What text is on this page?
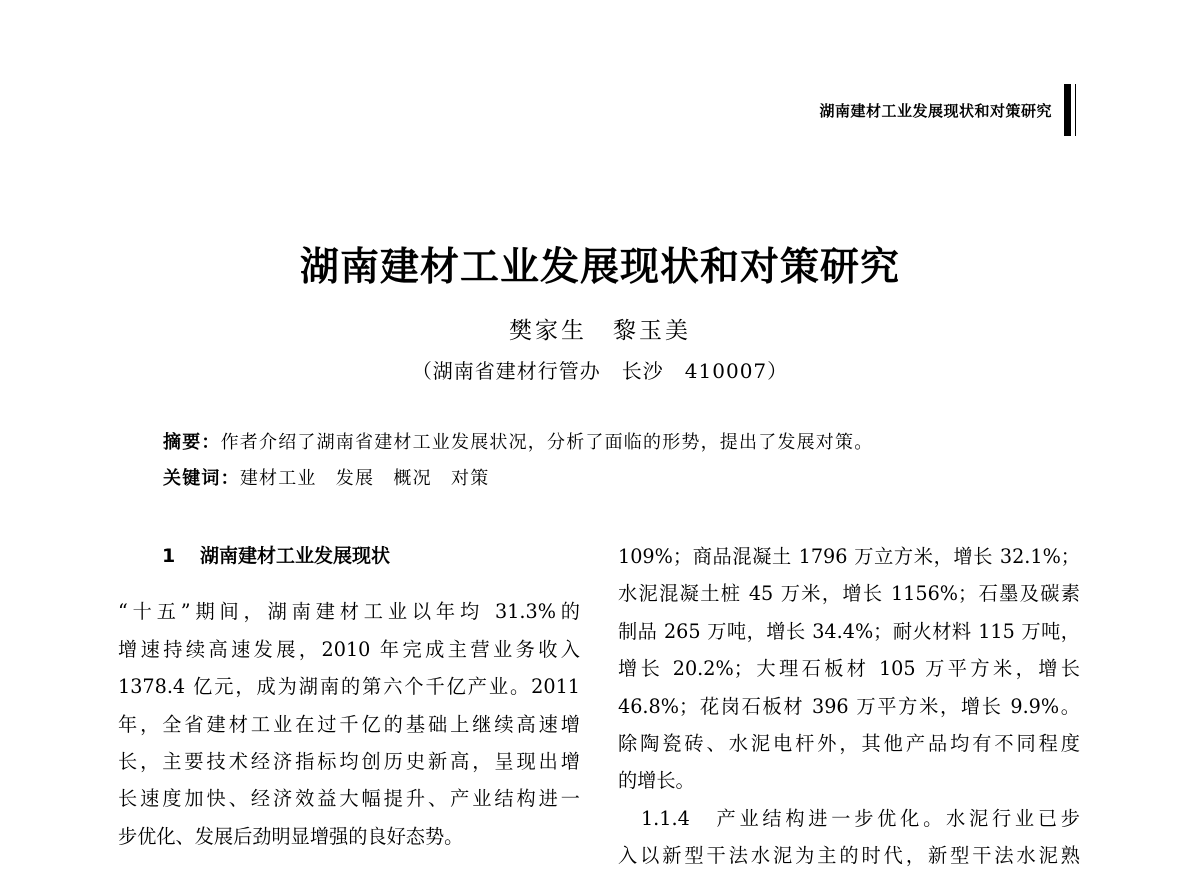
湖南建材工业发展现状和对策研究
湖南建材工业发展现状和对策研究
樊家生　黎玉美
（湖南省建材行管办　长沙　410007）
摘要：作者介绍了湖南省建材工业发展状况，分析了面临的形势，提出了发展对策。
关键词：建材工业　发展　概况　对策
1	湖南建材工业发展现状

“十五”期间，湖南建材工业以年均 31.3%的

增速持续高速发展，2010 年完成主营业务收入

1378.4 亿元，成为湖南的第六个千亿产业。2011

年，全省建材工业在过千亿的基础上继续高速增

长，主要技术经济指标均创历史新高，呈现出增

长速度加快、经济效益大幅提升、产业结构进一

步优化、发展后劲明显增强的良好态势。

109%；商品混凝土 1796 万立方米，增长 32.1%；

水泥混凝土桩 45 万米，增长 1156%；石墨及碳素

制品 265 万吨，增长 34.4%；耐火材料 115 万吨，

增长 20.2%；大理石板材 105 万平方米，增长

46.8%；花岗石板材 396 万平方米，增长 9.9%。

除陶瓷砖、水泥电杆外，其他产品均有不同程度

的增长。

　1.1.4　产业结构进一步优化。水泥行业已步

入以新型干法水泥为主的时代，新型干法水泥熟
